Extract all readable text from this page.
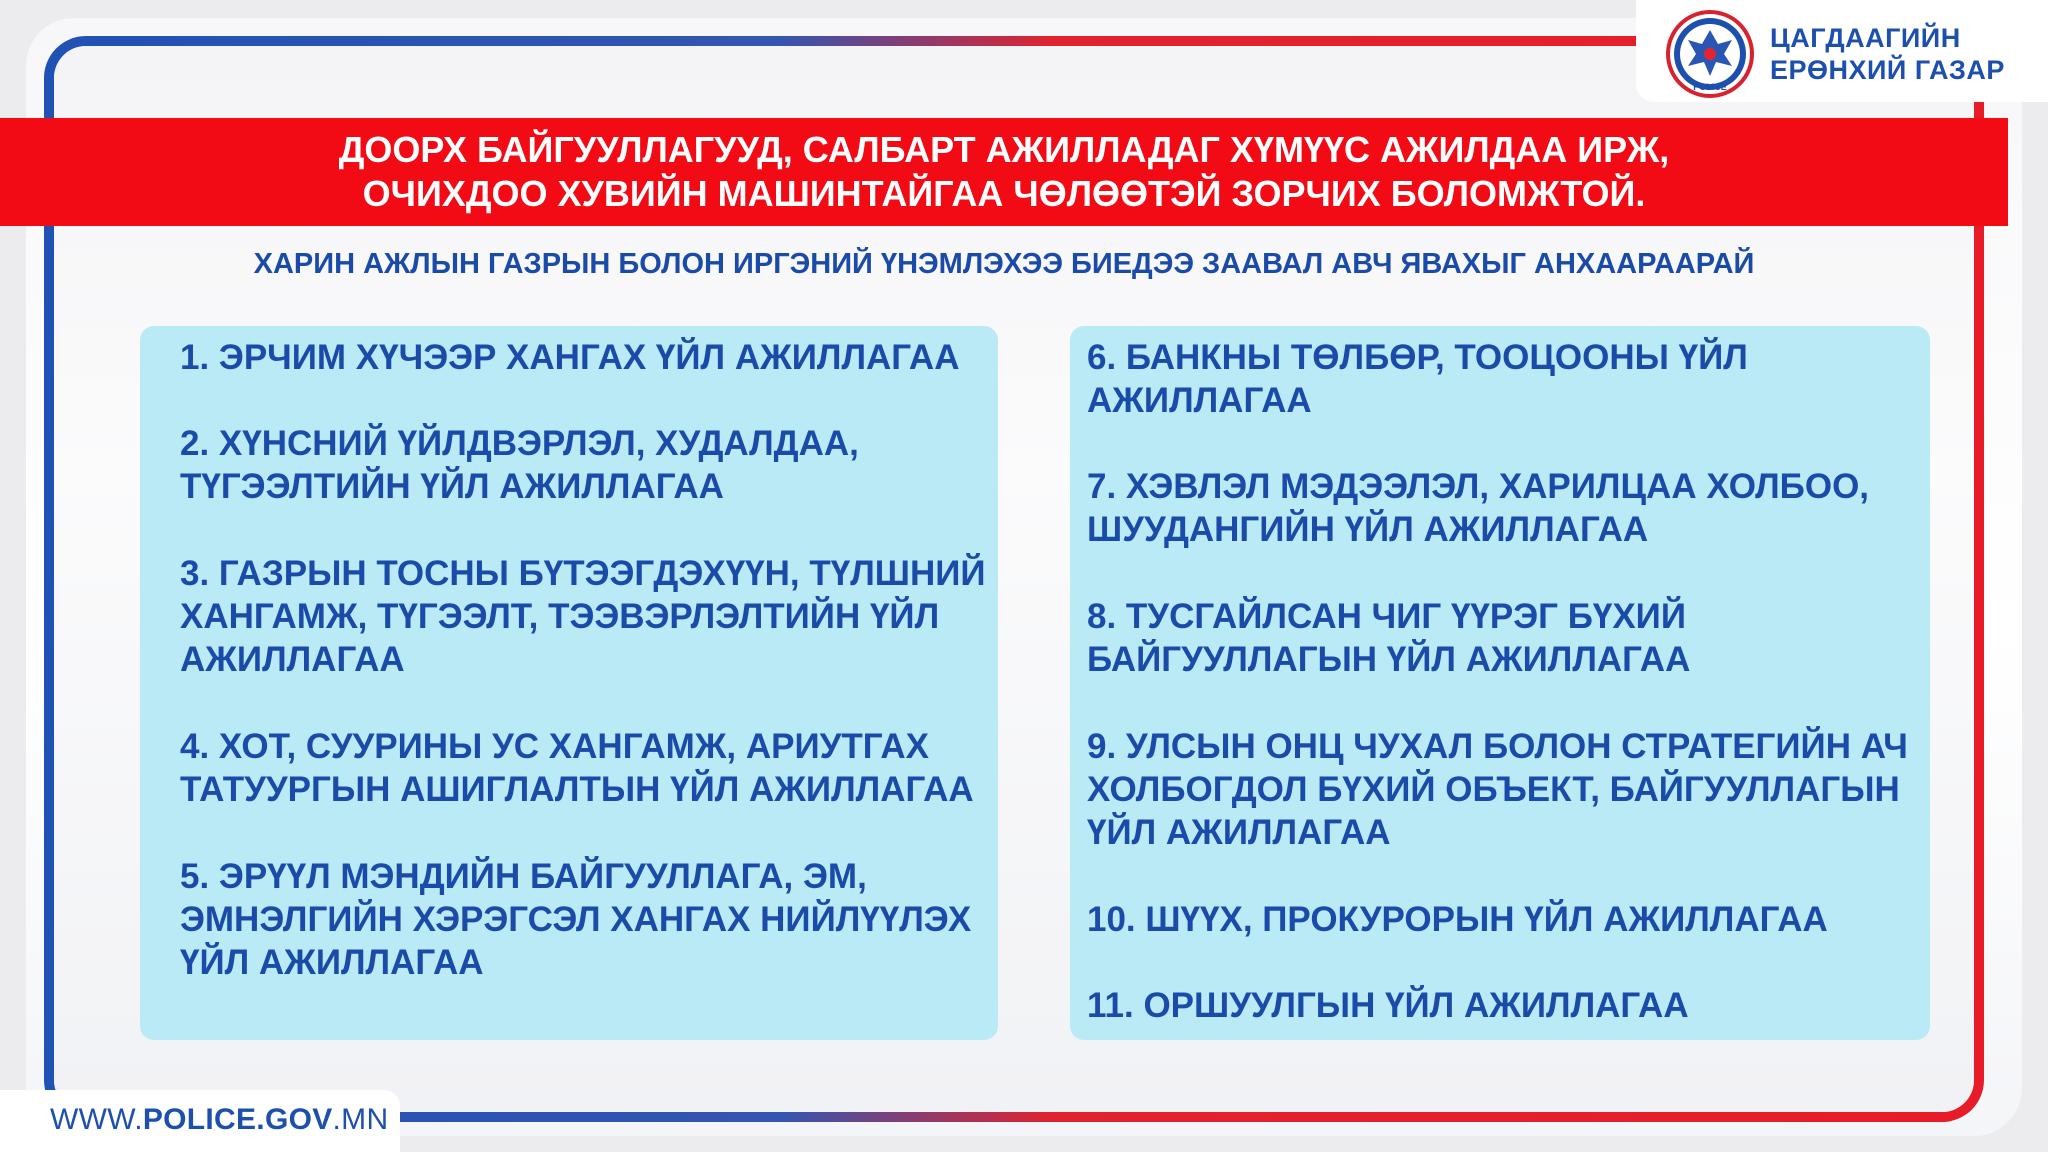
POLICE
ЦАГДААГИЙН
ЕРӨНХИЙ ГАЗАР
ДООРХ БАЙГУУЛЛАГУУД, САЛБАРТ АЖИЛЛАДАГ ХҮМҮҮС АЖИЛДАА ИРЖ,
ОЧИХДОО ХУВИЙН МАШИНТАЙГАА ЧӨЛӨӨТЭЙ ЗОРЧИХ БОЛОМЖТОЙ.
ХАРИН АЖЛЫН ГАЗРЫН БОЛОН ИРГЭНИЙ ҮНЭМЛЭХЭЭ БИЕДЭЭ ЗААВАЛ АВЧ ЯВАХЫГ АНХААРААРАЙ
1. ЭРЧИМ ХҮЧЭЭР ХАНГАХ ҮЙЛ АЖИЛЛАГАА
2. ХҮНСНИЙ ҮЙЛДВЭРЛЭЛ, ХУДАЛДАА,
ТҮГЭЭЛТИЙН ҮЙЛ АЖИЛЛАГАА
3. ГАЗРЫН ТОСНЫ БҮТЭЭГДЭХҮҮН, ТҮЛШНИЙ
ХАНГАМЖ, ТҮГЭЭЛТ, ТЭЭВЭРЛЭЛТИЙН ҮЙЛ
АЖИЛЛАГАА
4. ХОТ, СУУРИНЫ УС ХАНГАМЖ, АРИУТГАХ
ТАТУУРГЫН АШИГЛАЛТЫН ҮЙЛ АЖИЛЛАГАА
5. ЭРҮҮЛ МЭНДИЙН БАЙГУУЛЛАГА, ЭМ,
ЭМНЭЛГИЙН ХЭРЭГСЭЛ ХАНГАХ НИЙЛҮҮЛЭХ
ҮЙЛ АЖИЛЛАГАА
6. БАНКНЫ ТӨЛБӨР, ТООЦООНЫ ҮЙЛ
АЖИЛЛАГАА
7. ХЭВЛЭЛ МЭДЭЭЛЭЛ, ХАРИЛЦАА ХОЛБОО,
ШУУДАНГИЙН ҮЙЛ АЖИЛЛАГАА
8. ТУСГАЙЛСАН ЧИГ ҮҮРЭГ БҮХИЙ
БАЙГУУЛЛАГЫН ҮЙЛ АЖИЛЛАГАА
9. УЛСЫН ОНЦ ЧУХАЛ БОЛОН СТРАТЕГИЙН АЧ
ХОЛБОГДОЛ БҮХИЙ ОБЪЕКТ, БАЙГУУЛЛАГЫН
ҮЙЛ АЖИЛЛАГАА
10. ШҮҮХ, ПРОКУРОРЫН ҮЙЛ АЖИЛЛАГАА
11. ОРШУУЛГЫН ҮЙЛ АЖИЛЛАГАА
WWW.POLICE.GOV.MN
